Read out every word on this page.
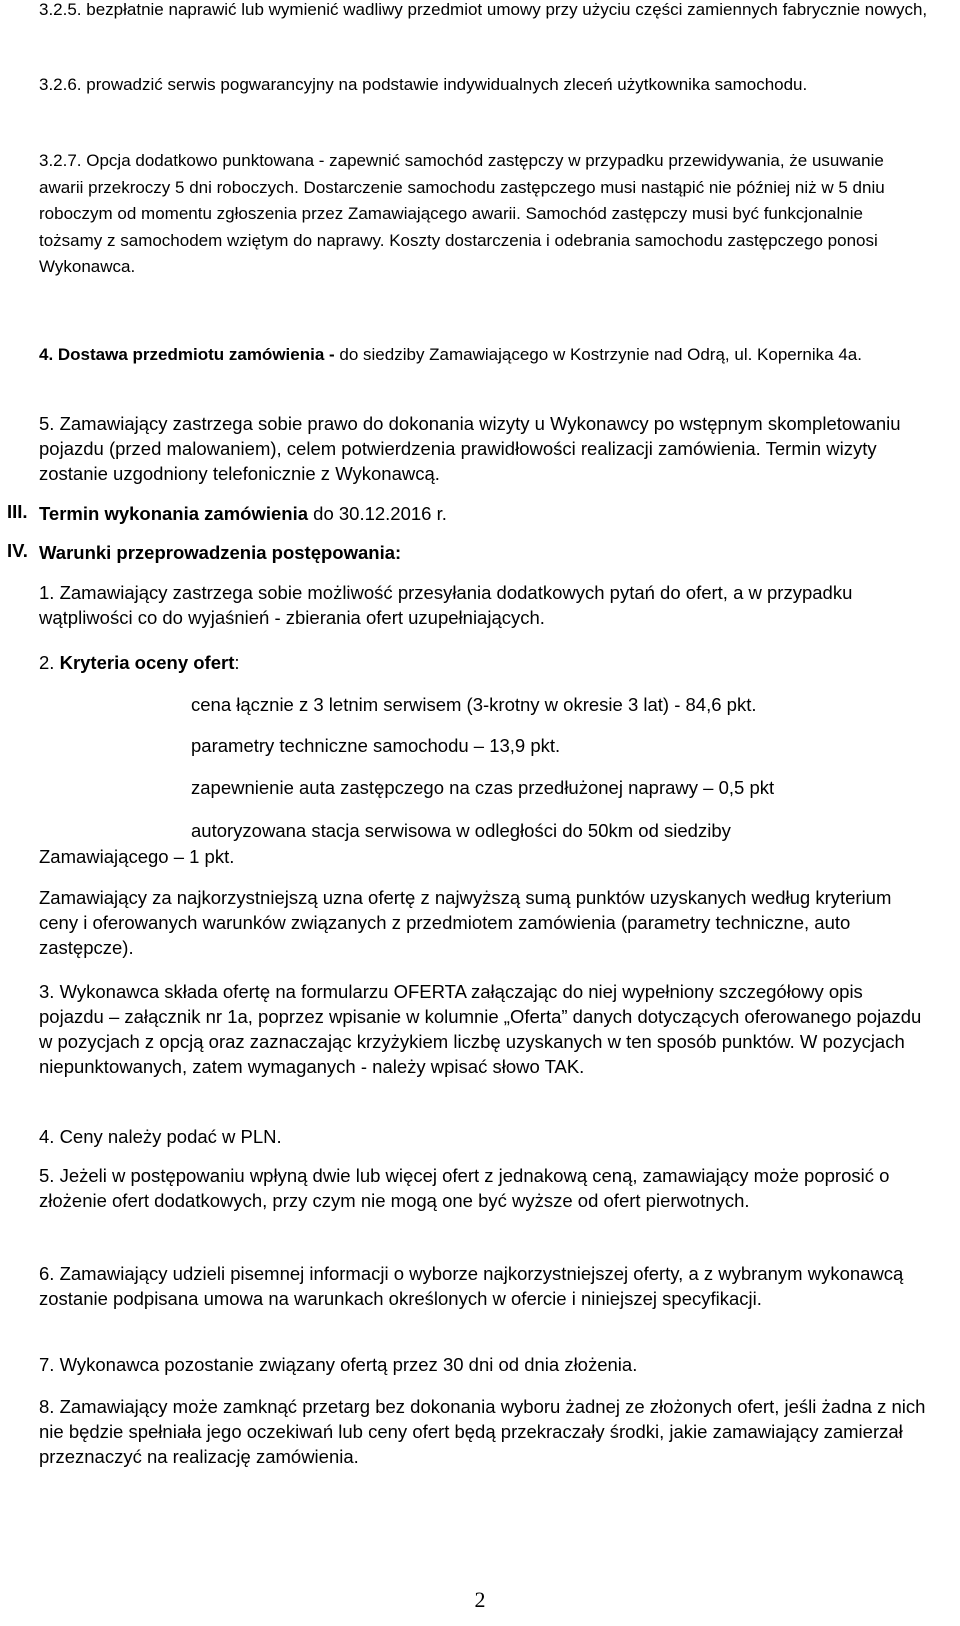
3.2.5. bezpłatnie naprawić lub wymienić wadliwy przedmiot umowy przy użyciu części zamiennych fabrycznie nowych,

3.2.6. prowadzić serwis pogwarancyjny na podstawie indywidualnych zleceń użytkownika samochodu.

3.2.7. Opcja dodatkowo punktowana - zapewnić samochód zastępczy w przypadku przewidywania, że usuwanie awarii przekroczy 5 dni roboczych. Dostarczenie samochodu zastępczego musi nastąpić nie później niż w 5 dniu roboczym od momentu zgłoszenia przez Zamawiającego awarii. Samochód zastępczy musi być funkcjonalnie tożsamy z samochodem wziętym do naprawy. Koszty dostarczenia i odebrania samochodu zastępczego ponosi Wykonawca.

4. Dostawa przedmiotu zamówienia - do siedziby Zamawiającego w Kostrzynie nad Odrą, ul. Kopernika 4a.

5. Zamawiający zastrzega sobie prawo do dokonania wizyty u Wykonawcy po wstępnym skompletowaniu pojazdu (przed malowaniem), celem potwierdzenia prawidłowości realizacji zamówienia. Termin wizyty zostanie uzgodniony telefonicznie z Wykonawcą.

III. Termin wykonania zamówienia do 30.12.2016 r.

IV. Warunki przeprowadzenia postępowania:

1. Zamawiający zastrzega sobie możliwość przesyłania dodatkowych pytań do ofert, a w przypadku wątpliwości co do wyjaśnień - zbierania ofert uzupełniających.

2. Kryteria oceny ofert:

cena łącznie z 3 letnim serwisem (3-krotny w okresie 3 lat) - 84,6 pkt.
parametry techniczne samochodu – 13,9 pkt.
zapewnienie auta zastępczego na czas przedłużonej naprawy – 0,5 pkt
autoryzowana stacja serwisowa w odległości do 50km od siedziby

Zamawiającego – 1 pkt.

Zamawiający za najkorzystniejszą uzna ofertę z najwyższą sumą punktów uzyskanych według kryterium ceny i oferowanych warunków związanych z przedmiotem zamówienia (parametry techniczne, auto zastępcze).

3. Wykonawca składa ofertę na formularzu OFERTA załączając do niej wypełniony szczegółowy opis pojazdu – załącznik nr 1a, poprzez wpisanie w kolumnie „Oferta” danych dotyczących oferowanego pojazdu w pozycjach z opcją oraz zaznaczając krzyżykiem liczbę uzyskanych w ten sposób punktów. W pozycjach niepunktowanych, zatem wymaganych - należy wpisać słowo TAK.

4. Ceny należy podać w PLN.

5. Jeżeli w postępowaniu wpłyną dwie lub więcej ofert z jednakową ceną, zamawiający może poprosić o złożenie ofert dodatkowych, przy czym nie mogą one być wyższe od ofert pierwotnych.

6. Zamawiający udzieli pisemnej informacji o wyborze najkorzystniejszej oferty, a z wybranym wykonawcą zostanie podpisana umowa na warunkach określonych w ofercie i niniejszej specyfikacji.

7. Wykonawca pozostanie związany ofertą przez 30 dni od dnia złożenia.

8. Zamawiający może zamknąć przetarg bez dokonania wyboru żadnej ze złożonych ofert, jeśli żadna z nich nie będzie spełniała jego oczekiwań lub ceny ofert będą przekraczały środki, jakie zamawiający zamierzał przeznaczyć na realizację zamówienia.

2
